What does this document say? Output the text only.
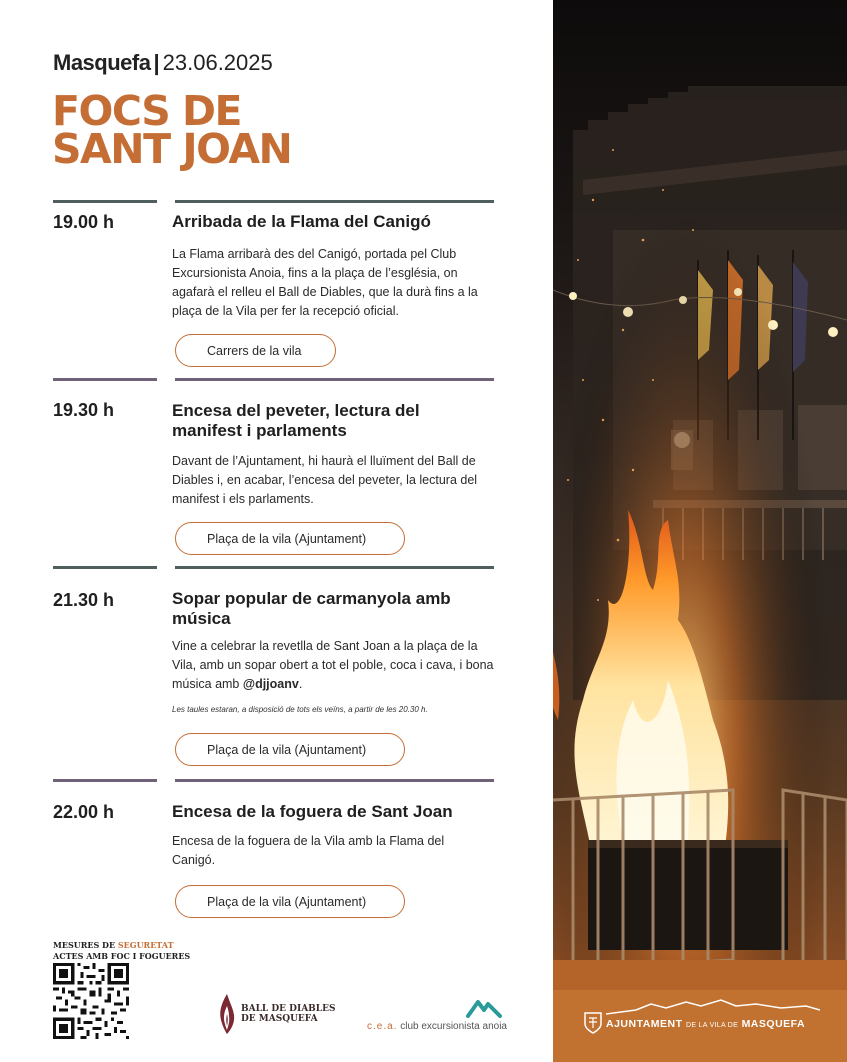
Masquefa | 23.06.2025
FOCS DE
SANT JOAN
19.00 h	Arribada de la Flama del Canigó
La Flama arribarà des del Canigó, portada pel Club Excursionista Anoia, fins a la plaça de l’església, on agafarà el relleu el Ball de Diables, que la durà fins a la plaça de la Vila per fer la recepció oficial.
Carrers de la vila
19.30 h	Encesa del peveter, lectura del manifest i parlaments
Davant de l’Ajuntament, hi haurà el lluïment del Ball de Diables i, en acabar, l’encesa del peveter, la lectura del manifest i els parlaments.
Plaça de la vila (Ajuntament)
21.30 h	Sopar popular de carmanyola amb música
Vine a celebrar la revetlla de Sant Joan a la plaça de la Vila, amb un sopar obert a tot el poble, coca i cava, i bona música amb @djjoanv.
Les taules estaran, a disposició de tots els veïns, a partir de les 20.30 h.
Plaça de la vila (Ajuntament)
22.00 h	Encesa de la foguera de Sant Joan
Encesa de la foguera de la Vila amb la Flama del Canigó.
Plaça de la vila (Ajuntament)
MESURES DE SEGURETAT
ACTES AMB FOC I FOGUERES
BALL DE DIABLES
DE MASQUEFA
c.e.a. club excursionista anoia	AJUNTAMENT DE LA VILA DE MASQUEFA
